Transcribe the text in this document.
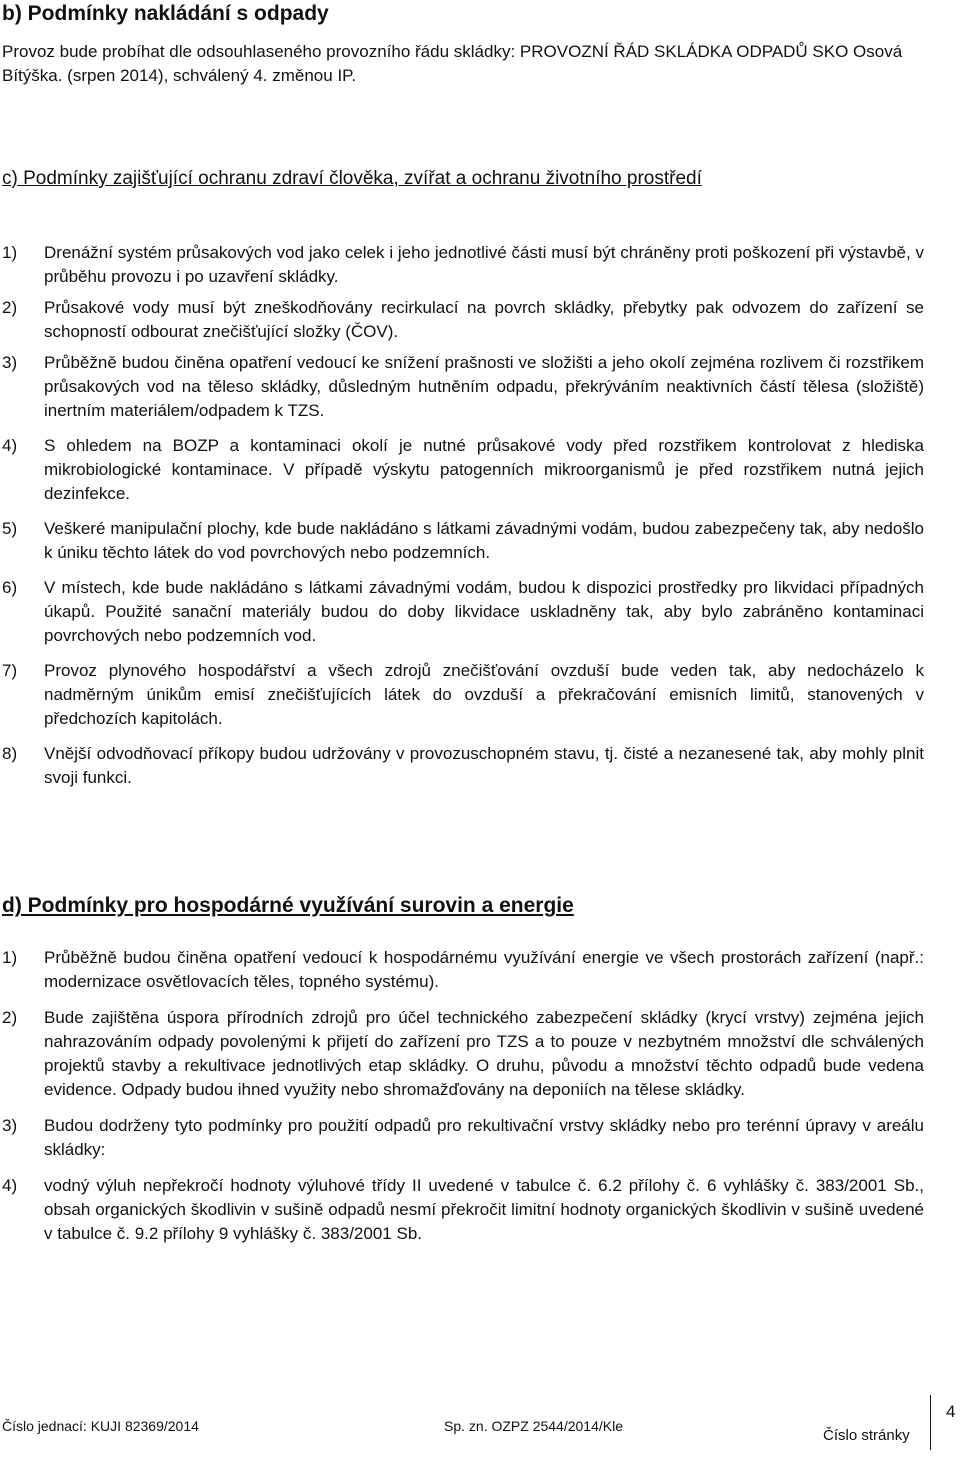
b) Podmínky nakládání s odpady
Provoz bude probíhat dle odsouhlaseného provozního řádu skládky: PROVOZNÍ ŘÁD SKLÁDKA ODPADŮ SKO Osová Bítýška. (srpen 2014), schválený 4. změnou IP.
c) Podmínky zajišťující ochranu zdraví člověka, zvířat a ochranu životního prostředí
1) Drenážní systém průsakových vod jako celek i jeho jednotlivé části musí být chráněny proti poškození při výstavbě, v průběhu provozu i po uzavření skládky.
2) Průsakové vody musí být zneškodňovány recirkulací na povrch skládky, přebytky pak odvozem do zařízení se schopností odbourat znečišťující složky (ČOV).
3) Průběžně budou činěna opatření vedoucí ke snížení prašnosti ve složišti a jeho okolí zejména rozlivem či rozstřikem průsakových vod na těleso skládky, důsledným hutněním odpadu, překrýváním neaktivních částí tělesa (složiště) inertním materiálem/odpadem k TZS.
4) S ohledem na BOZP a kontaminaci okolí je nutné průsakové vody před rozstřikem kontrolovat z hlediska mikrobiologické kontaminace. V případě výskytu patogenních mikroorganismů je před rozstřikem nutná jejich dezinfekce.
5) Veškeré manipulační plochy, kde bude nakládáno s látkami závadnými vodám, budou zabezpečeny tak, aby nedošlo k úniku těchto látek do vod povrchových nebo podzemních.
6) V místech, kde bude nakládáno s látkami závadnými vodám, budou k dispozici prostředky pro likvidaci případných úkapů. Použité sanační materiály budou do doby likvidace uskladněny tak, aby bylo zabráněno kontaminaci povrchových nebo podzemních vod.
7) Provoz plynového hospodářství a všech zdrojů znečišťování ovzduší bude veden tak, aby nedocházelo k nadměrným únikům emisí znečišťujících látek do ovzduší a překračování emisních limitů, stanovených v předchozích kapitolách.
8) Vnější odvodňovací příkopy budou udržovány v provozuschopném stavu, tj. čisté a nezanesené tak, aby mohly plnit svoji funkci.
d) Podmínky pro hospodárné využívání surovin a energie
1) Průběžně budou činěna opatření vedoucí k hospodárnému využívání energie ve všech prostorách zařízení (např.: modernizace osvětlovacích těles, topného systému).
2) Bude zajištěna úspora přírodních zdrojů pro účel technického zabezpečení skládky (krycí vrstvy) zejména jejich nahrazováním odpady povolenými k přijetí do zařízení pro TZS a to pouze v nezbytném množství dle schválených projektů stavby a rekultivace jednotlivých etap skládky. O druhu, původu a množství těchto odpadů bude vedena evidence. Odpady budou ihned využity nebo shromažďovány na deponiích na tělese skládky.
3) Budou dodrženy tyto podmínky pro použití odpadů pro rekultivační vrstvy skládky nebo pro terénní úpravy v areálu skládky:
4) vodný výluh nepřekročí hodnoty výluhové třídy II uvedené v tabulce č. 6.2 přílohy č. 6 vyhlášky č. 383/2001 Sb., obsah organických škodlivin v sušině odpadů nesmí překročit limitní hodnoty organických škodlivin v sušině uvedené v tabulce č. 9.2 přílohy 9 vyhlášky č. 383/2001 Sb.
Číslo jednací: KUJI 82369/2014	Sp. zn. OZPZ 2544/2014/Kle
Číslo stránky
4
